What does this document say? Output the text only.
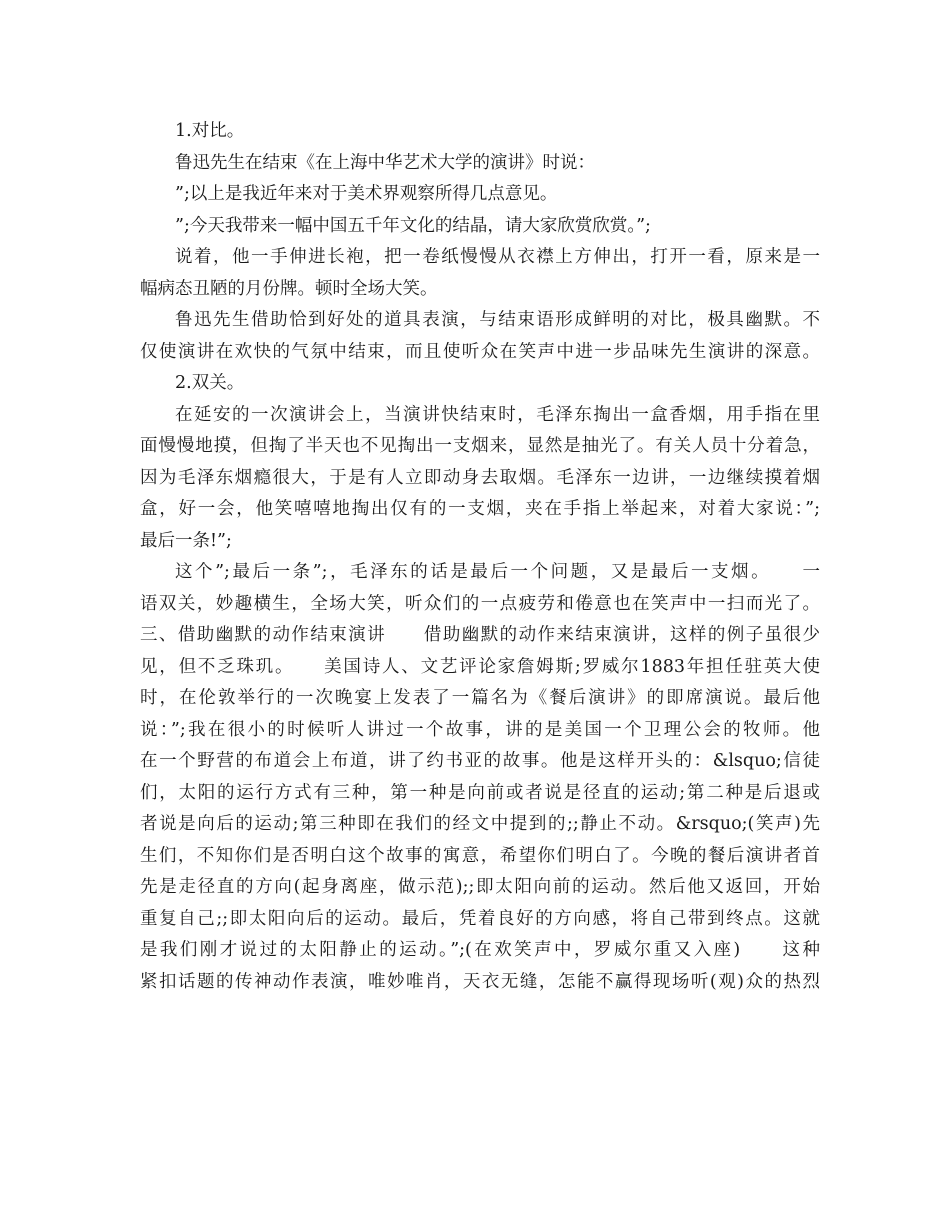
1.对比。
鲁迅先生在结束《在上海中华艺术大学的演讲》时说：
”;以上是我近年来对于美术界观察所得几点意见。
”;今天我带来一幅中国五千年文化的结晶，请大家欣赏欣赏。”;
说着，他一手伸进长袍，把一卷纸慢慢从衣襟上方伸出，打开一看，原来是一
幅病态丑陋的月份牌。顿时全场大笑。
鲁迅先生借助恰到好处的道具表演，与结束语形成鲜明的对比，极具幽默。不
仅使演讲在欢快的气氛中结束，而且使听众在笑声中进一步品味先生演讲的深意。
2.双关。
在延安的一次演讲会上，当演讲快结束时，毛泽东掏出一盒香烟，用手指在里
面慢慢地摸，但掏了半天也不见掏出一支烟来，显然是抽光了。有关人员十分着急，
因为毛泽东烟瘾很大，于是有人立即动身去取烟。毛泽东一边讲，一边继续摸着烟
盒，好一会，他笑嘻嘻地掏出仅有的一支烟，夹在手指上举起来，对着大家说：”;
最后一条!”;
这个”;最后一条”;，毛泽东的话是最后一个问题，又是最后一支烟。　　一
语双关，妙趣横生，全场大笑，听众们的一点疲劳和倦意也在笑声中一扫而光了。
三、借助幽默的动作结束演讲　　借助幽默的动作来结束演讲，这样的例子虽很少
见，但不乏珠玑。　　美国诗人、文艺评论家詹姆斯;罗威尔1883年担任驻英大使
时，在伦敦举行的一次晚宴上发表了一篇名为《餐后演讲》的即席演说。最后他
说：”;我在很小的时候听人讲过一个故事，讲的是美国一个卫理公会的牧师。他
在一个野营的布道会上布道，讲了约书亚的故事。他是这样开头的：&lsquo;信徒
们，太阳的运行方式有三种，第一种是向前或者说是径直的运动;第二种是后退或
者说是向后的运动;第三种即在我们的经文中提到的;;静止不动。&rsquo;(笑声)先
生们，不知你们是否明白这个故事的寓意，希望你们明白了。今晚的餐后演讲者首
先是走径直的方向(起身离座，做示范);;即太阳向前的运动。然后他又返回，开始
重复自己;;即太阳向后的运动。最后，凭着良好的方向感，将自己带到终点。这就
是我们刚才说过的太阳静止的运动。”;(在欢笑声中，罗威尔重又入座)　　这种
紧扣话题的传神动作表演，唯妙唯肖，天衣无缝，怎能不赢得现场听(观)众的热烈
